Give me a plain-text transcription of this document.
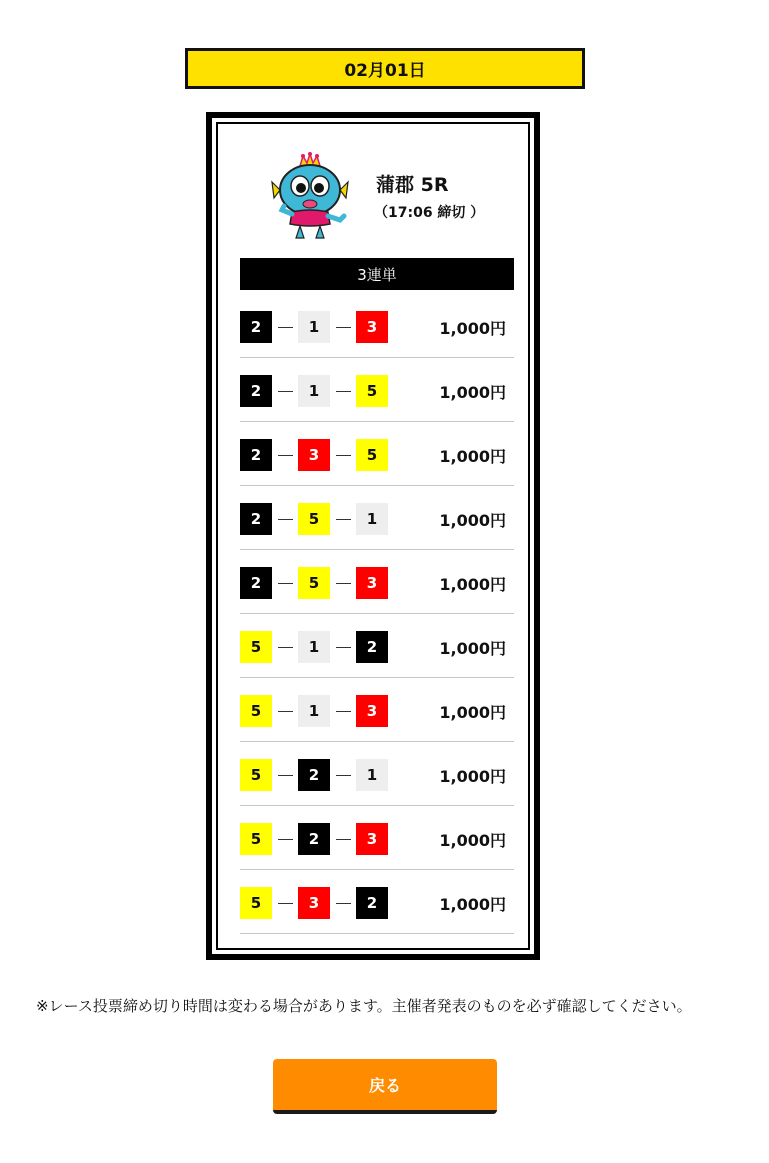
02月01日
蒲郡 5R
（17:06 締切 ）
3連単
2	1	3	1,000円
2	1	5	1,000円
2	3	5	1,000円
2	5	1	1,000円
2	5	3	1,000円
5	1	2	1,000円
5	1	3	1,000円
5	2	1	1,000円
5	2	3	1,000円
5	3	2	1,000円
※レース投票締め切り時間は変わる場合があります。主催者発表のものを必ず確認してください。
戻る
